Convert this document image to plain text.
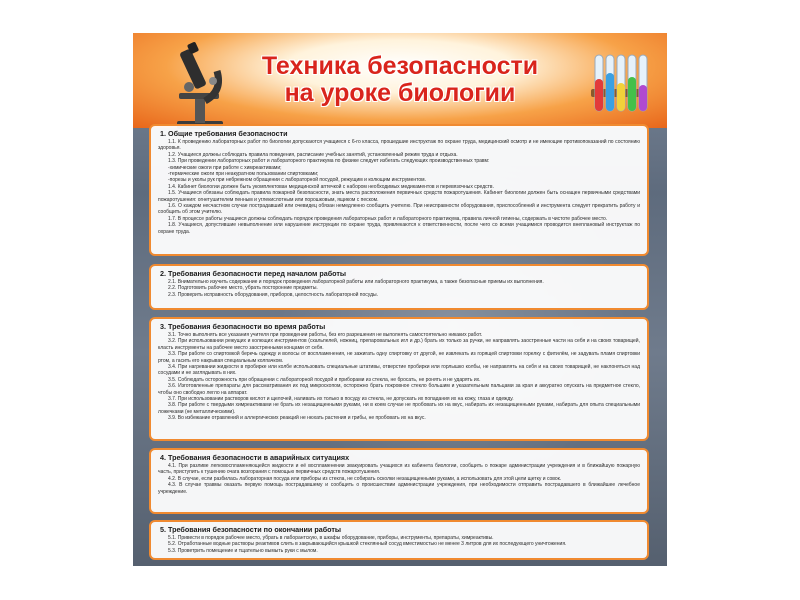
Техника безопасности
на уроке биологии
1. Общие требования безопасности

1.1. К проведению лабораторных работ по биологии допускаются учащиеся с 6-го класса, прошедшие инструктаж по охране труда, медицинский осмотр и не имеющие противопоказаний по состоянию здоровья.

1.2. Учащиеся должны соблюдать правила поведения, расписание учебных занятий, установленный режим труда и отдыха.

1.3. При проведении лабораторных работ и лабораторного практикума по физике следует избегать следующих производственных травм:

-химические ожоги при работе с химреактивами;

-термические ожоги при неакуратном пользовании спиртовками;

-порезы и уколы рук при небрежном обращении с лабораторной посудой, режущим и колющим инструментом.

1.4. Кабинет биологии должен быть укомплектован медицинской аптечкой с набором необходимых медикаментов и перевязочных средств.

1.5. Учащиеся обязаны соблюдать правила пожарной безопасности, знать места расположения первичных средств пожаротушения. Кабинет биологии должен быть оснащен первичными средствами пожаротушения: огнетушителем пенным и углекислотным или порошковым, ящиком с песком.

1.6. О каждом несчастном случае пострадавший или очевидец обязан немедленно сообщить учителю. При неисправности оборудования, приспособлений и инструмента следует прекратить работу и сообщить об этом учителю.

1.7. В процессе работы учащиеся должны соблюдать порядок проведения лабораторных работ и лабораторного практикума, правила личной гигиены, содержать в чистоте рабочее место.

1.8. Учащиеся, допустившие невыполнение или нарушение инструкции по охране труда, привлекаются к ответственности, после чего со всеми учащимися проводится внеплановый инструктаж по охране труда.

2. Требования безопасности перед началом работы

2.1. Внимательно изучить содержание и порядок проведения лабораторной работы или лабораторного практикума, а также безопасные приемы их выполнения.

2.2. Подготовить рабочее место, убрать посторонние предметы.

2.3. Проверить исправность оборудования, приборов, целостность лабораторной посуды.

3. Требования безопасности во время работы

3.1. Точно выполнять все указания учителя при проведении работы, без его разрешения не выполнять самостоятельно никаких работ.

3.2. При использовании режущих и колющих инструментов (скальпелей, ножниц, препаровальных игл и др.) брать их только за ручки, не направлять заостренные части на себя и на своих товарищей, класть инструменты на рабочее место заостренными концами от себя.

3.3. При работе со спиртовкой беречь одежду и волосы от воспламенения, не зажигать одну спиртовку от другой, не извлекать из горящей спиртовки горелку с фитилём, не задувать пламя спиртовки ртом, а гасить его накрывая специальным колпачком.

3.4. При нагревании жидкости в пробирке или колбе использовать специальные штативы, отверстие пробирки или горлышко колбы, не направлять на себя и на своих товарищей, не наклоняться над сосудами и не заглядывать в них.

3.5. Соблюдать осторожность при обращении с лабораторной посудой и приборами из стекла, не бросать, не ронять и не ударять их.

3.6. Изготовленные препараты для рассматривания их под микроскопом, осторожно брать покровное стекло большим и указательным пальцами за края и аккуратно опускать на предметное стекло, чтобы оно свободно легло на аппарат.

3.7. При использовании растворов кислот и щелочей, наливать их только в посуду из стекла, не допускать их попадания их на кожу, глаза и одежду.

3.8. При работе с твердыми химреактивами не брать их незащищенными руками, ни в коем случае не пробовать их на вкус, набирать их незащищенными руками, набирать для опыта специальными ложечками (не металлическими).

3.9. Во избежание отравлений и аллергических реакций не нюхать растения и грибы, не пробовать их на вкус.

4. Требования безопасности в аварийных ситуациях

4.1. При разливе легковоспламеняющейся жидкости и её воспламенении эвакуировать учащихся из кабинета биологии, сообщить о пожаре администрации учреждения и в ближайшую пожарную часть, приступить к тушению очага возгорания с помощью первичных средств пожаротушения.

4.2. В случае, если разбилась лабораторная посуда или приборы из стекла, не собирать осколки незащищенными руками, а использовать для этой цели щетку и совок.

4.3. В случае травмы оказать первую помощь пострадавшему и сообщить о происшествии администрации учреждения, при необходимости отправить пострадавшего в ближайшее лечебное учреждение.

5. Требования безопасности по окончании работы

5.1. Привести в порядок рабочее место, убрать в лаборантскую, в шкафы оборудование, приборы, инструменты, препараты, химреактивы.

5.2. Отработанные водные растворы реактивов слить в закрывающийся крышкой стеклянный сосуд вместимостью не менее 3 литров для их последующего уничтожения.

5.3. Проветрить помещение и тщательно вымыть руки с мылом.
